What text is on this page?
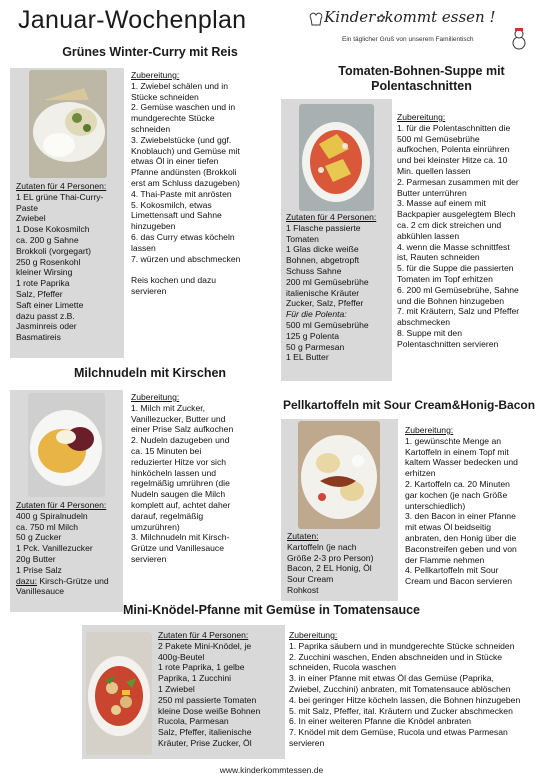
Januar-Wochenplan	Kinder✿kommt essen !
Ein täglicher Gruß von unserem Familientisch
Grünes Winter-Curry mit Reis

Zutaten für 4 Personen:

1 EL grüne Thai-Curry-

Paste

Zwiebel

1 Dose Kokosmilch

ca. 200 g Sahne

Brokkoli (vorgegart)

250 g Rosenkohl

kleiner Wirsing

1 rote Paprika

Salz, Pfeffer

Saft einer Limette

dazu passt z.B.

Jasminreis oder

Basmatireis

Zubereitung:

1. Zwiebel schälen und in

Stücke schneiden

2. Gemüse waschen und in

mundgerechte Stücke

schneiden

3. Zwiebelstücke (und ggf.

Knoblauch) und Gemüse mit

etwas Öl in einer tiefen

Pfanne andünsten (Brokkoli

erst am Schluss dazugeben)

4. Thai-Paste mit anrösten

5. Kokosmilch, etwas

Limettensaft und Sahne

hinzugeben

6. das Curry etwas köcheln

lassen

7. würzen und abschmecken

Reis kochen und dazu

servieren

Tomaten-Bohnen-Suppe mit
Polentaschnitten

Zutaten für 4 Personen:

1 Flasche passierte

Tomaten

1 Glas dicke weiße

Bohnen, abgetropft

Schuss Sahne

200 ml Gemüsebrühe

italienische Kräuter

Zucker, Salz, Pfeffer

Für die Polenta:

500 ml Gemüsebrühe

125 g Polenta

50 g Parmesan

1 EL Butter

Zubereitung:

1. für die Polentaschnitten die

500 ml Gemüsebrühe

aufkochen, Polenta einrühren

und bei kleinster Hitze ca. 10

Min. quellen lassen

2. Parmesan zusammen mit der

Butter unterrühren

3. Masse auf einem mit

Backpapier ausgelegtem Blech

ca. 2 cm dick streichen und

abkühlen lassen

4. wenn die Masse schnittfest

ist, Rauten schneiden

5. für die Suppe die passierten

Tomaten im Topf erhitzen

6. 200 ml Gemüsebrühe, Sahne

und die Bohnen hinzugeben

7. mit Kräutern, Salz und Pfeffer

abschmecken

8. Suppe mit den

Polentaschnitten servieren

Milchnudeln mit Kirschen

Zutaten für 4 Personen:

400 g Spiralnudeln

ca. 750 ml Milch

50 g Zucker

1 Pck. Vanillezucker

20g Butter

1 Prise Salz

dazu: Kirsch-Grütze und

Vanillesauce

Zubereitung:

1. Milch mit Zucker,

Vanillezucker, Butter und

einer Prise Salz aufkochen

2. Nudeln dazugeben und

ca. 15 Minuten bei

reduzierter Hitze vor sich

hinköcheln lassen und

regelmäßig umrühren (die

Nudeln saugen die Milch

komplett auf, achtet daher

darauf, regelmäßig

umzurühren)

3. Milchnudeln mit Kirsch-

Grütze und Vanillesauce

servieren

Pellkartoffeln mit Sour Cream&Honig-Bacon

Zutaten:

Kartoffeln (je nach

Größe 2-3 pro Person)

Bacon, 2 EL Honig, Öl

Sour Cream

Rohkost

Zubereitung:

1. gewünschte Menge an

Kartoffeln in einem Topf mit

kaltem Wasser bedecken und

erhitzen

2. Kartoffeln ca. 20 Minuten

gar kochen (je nach Größe

unterschiedlich)

3. den Bacon in einer Pfanne

mit etwas Öl beidseitig

anbraten, den Honig über die

Baconstreifen geben und von

der Flamme nehmen

4. Pellkartoffeln mit Sour

Cream und Bacon servieren

Mini-Knödel-Pfanne mit Gemüse in Tomatensauce

Zutaten für 4 Personen:

2 Pakete Mini-Knödel, je

400g-Beutel

1 rote Paprika, 1 gelbe

Paprika, 1 Zucchini

1 Zwiebel

250 ml passierte Tomaten

kleine Dose weiße Bohnen

Rucola, Parmesan

Salz, Pfeffer, italienische

Kräuter, Prise Zucker, Öl

Zubereitung:

1. Paprika säubern und in mundgerechte Stücke schneiden

2. Zucchini waschen, Enden abschneiden und in Stücke

schneiden, Rucola waschen

3. in einer Pfanne mit etwas Öl das Gemüse (Paprika,

Zwiebel, Zucchini) anbraten, mit Tomatensauce ablöschen

4. bei geringer Hitze köcheln lassen, die Bohnen hinzugeben

5. mit Salz, Pfeffer, ital. Kräutern und Zucker abschmecken

6. In einer weiteren Pfanne die Knödel anbraten

7. Knödel mit dem Gemüse, Rucola und etwas Parmesan

servieren

www.kinderkommtessen.de
